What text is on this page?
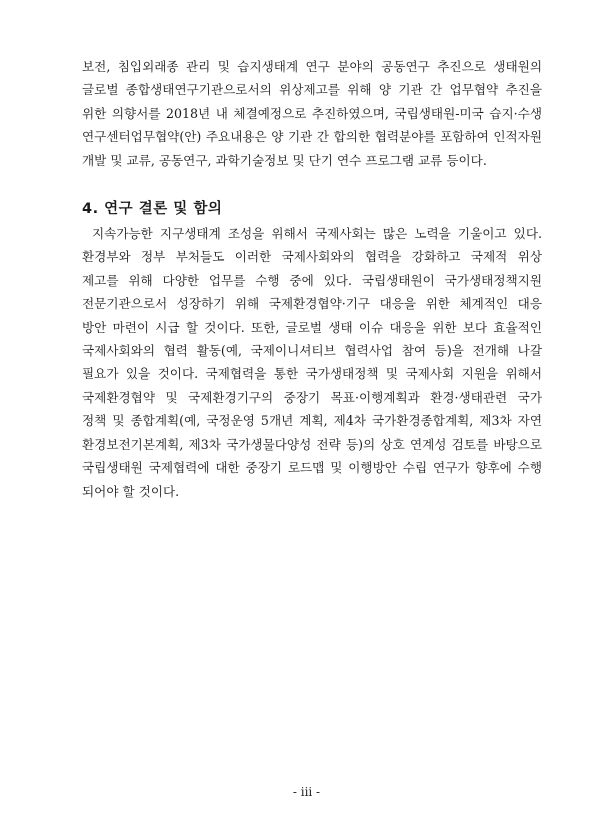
보전, 침입외래종 관리 및 습지생태계 연구 분야의 공동연구 추진으로 생태원의
글로벌 종합생태연구기관으로서의 위상제고를 위해 양 기관 간 업무협약 추진을
위한 의향서를 2018년 내 체결예정으로 추진하였으며, 국립생태원-미국 습지·수생
연구센터업무협약(안) 주요내용은 양 기관 간 합의한 협력분야를 포함하여 인적자원
개발 및 교류, 공동연구, 과학기술정보 및 단기 연수 프로그램 교류 등이다.

4. 연구 결론 및 함의

지속가능한 지구생태계 조성을 위해서 국제사회는 많은 노력을 기울이고 있다.
환경부와 정부 부처들도 이러한 국제사회와의 협력을 강화하고 국제적 위상
제고를 위해 다양한 업무를 수행 중에 있다. 국립생태원이 국가생태정책지원
전문기관으로서 성장하기 위해 국제환경협약·기구 대응을 위한 체계적인 대응
방안 마련이 시급 할 것이다. 또한, 글로벌 생태 이슈 대응을 위한 보다 효율적인
국제사회와의 협력 활동(예, 국제이니셔티브 협력사업 참여 등)을 전개해 나갈
필요가 있을 것이다. 국제협력을 통한 국가생태정책 및 국제사회 지원을 위해서
국제환경협약 및 국제환경기구의 중장기 목표·이행계획과 환경·생태관련 국가
정책 및 종합계획(예, 국정운영 5개년 계획, 제4차 국가환경종합계획, 제3차 자연
환경보전기본계획, 제3차 국가생물다양성 전략 등)의 상호 연계성 검토를 바탕으로
국립생태원 국제협력에 대한 중장기 로드맵 및 이행방안 수립 연구가 향후에 수행
되어야 할 것이다.

- iii -
